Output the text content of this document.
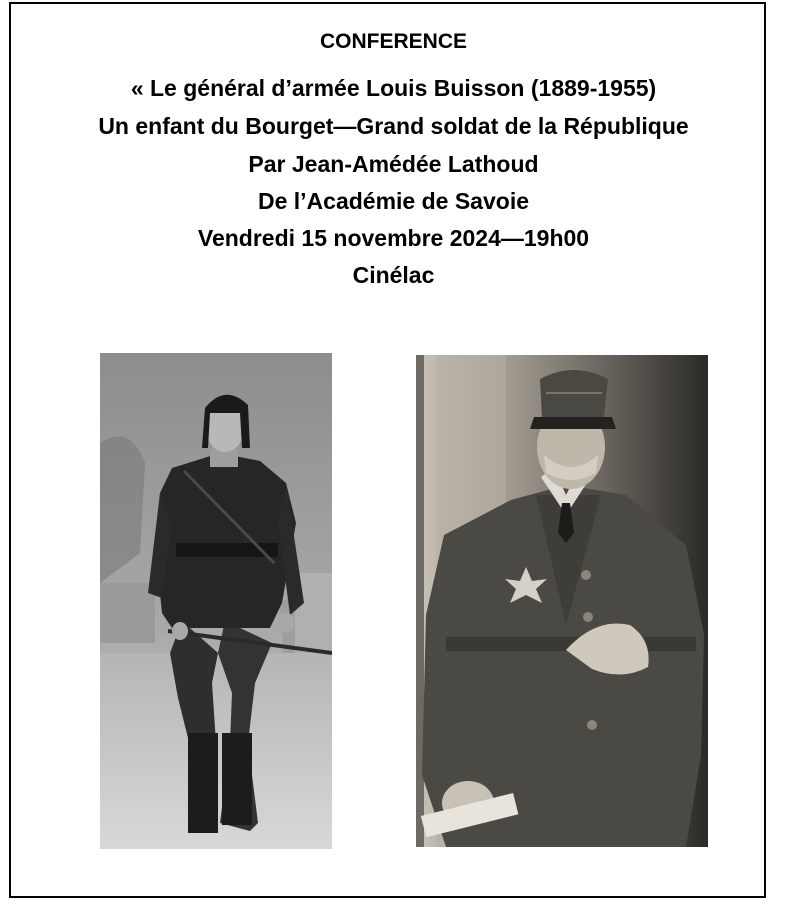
CONFERENCE
« Le général d’armée Louis Buisson (1889-1955)
Un enfant du Bourget—Grand soldat de la République
Par Jean-Amédée Lathoud
De l’Académie de Savoie
Vendredi 15 novembre 2024—19h00
Cinélac
